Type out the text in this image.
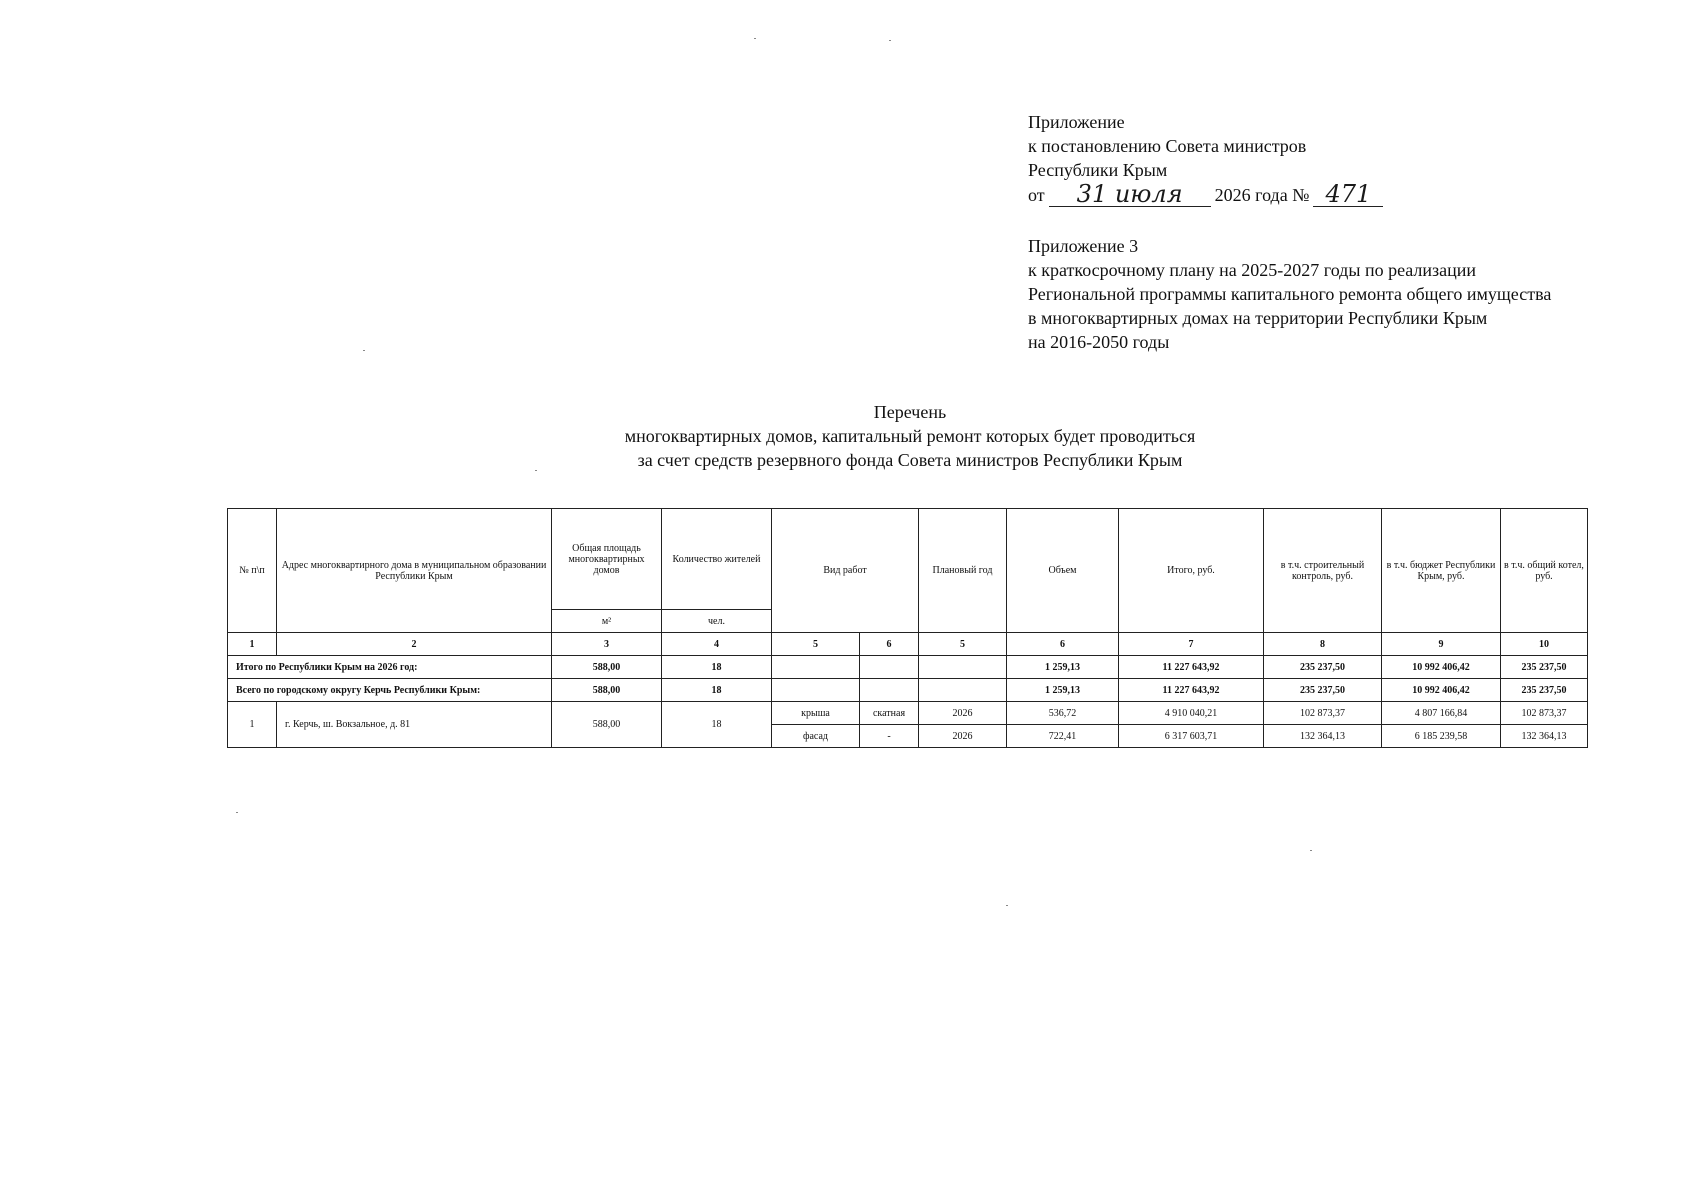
Приложение
к постановлению Совета министров
Республики Крым
от	31 июля	2026 года № 471
Приложение 3
к краткосрочному плану на 2025-2027 годы по реализации
Региональной программы капитального ремонта общего имущества
в многоквартирных домах на территории Республики Крым
на 2016-2050 годы
Перечень
многоквартирных домов, капитальный ремонт которых будет проводиться
за счет средств резервного фонда Совета министров Республики Крым
№ п\п	Адрес многоквартирного дома в муниципальном образовании Республики Крым	Общая площадь многоквартирных домов	Количество жителей	Вид работ		Плановый год	Объем	Итого, руб.	в т.ч. строительный контроль, руб.	в т.ч. бюджет Республики Крым, руб.	в т.ч. общий котел, руб.
		м²	чел.								
1	2	3	4	5	6	5	6	7	8	9	10
Итого по Республики Крым на 2026 год:		588,00	18				1 259,13	11 227 643,92	235 237,50	10 992 406,42	235 237,50
Всего по городскому округу Керчь Республики Крым:		588,00	18				1 259,13	11 227 643,92	235 237,50	10 992 406,42	235 237,50
1	г. Керчь, ш. Вокзальное, д. 81	588,00	18	крыша	скатная	2026	536,72	4 910 040,21	102 873,37	4 807 166,84	102 873,37
				фасад	-	2026	722,41	6 317 603,71	132 364,13	6 185 239,58	132 364,13
